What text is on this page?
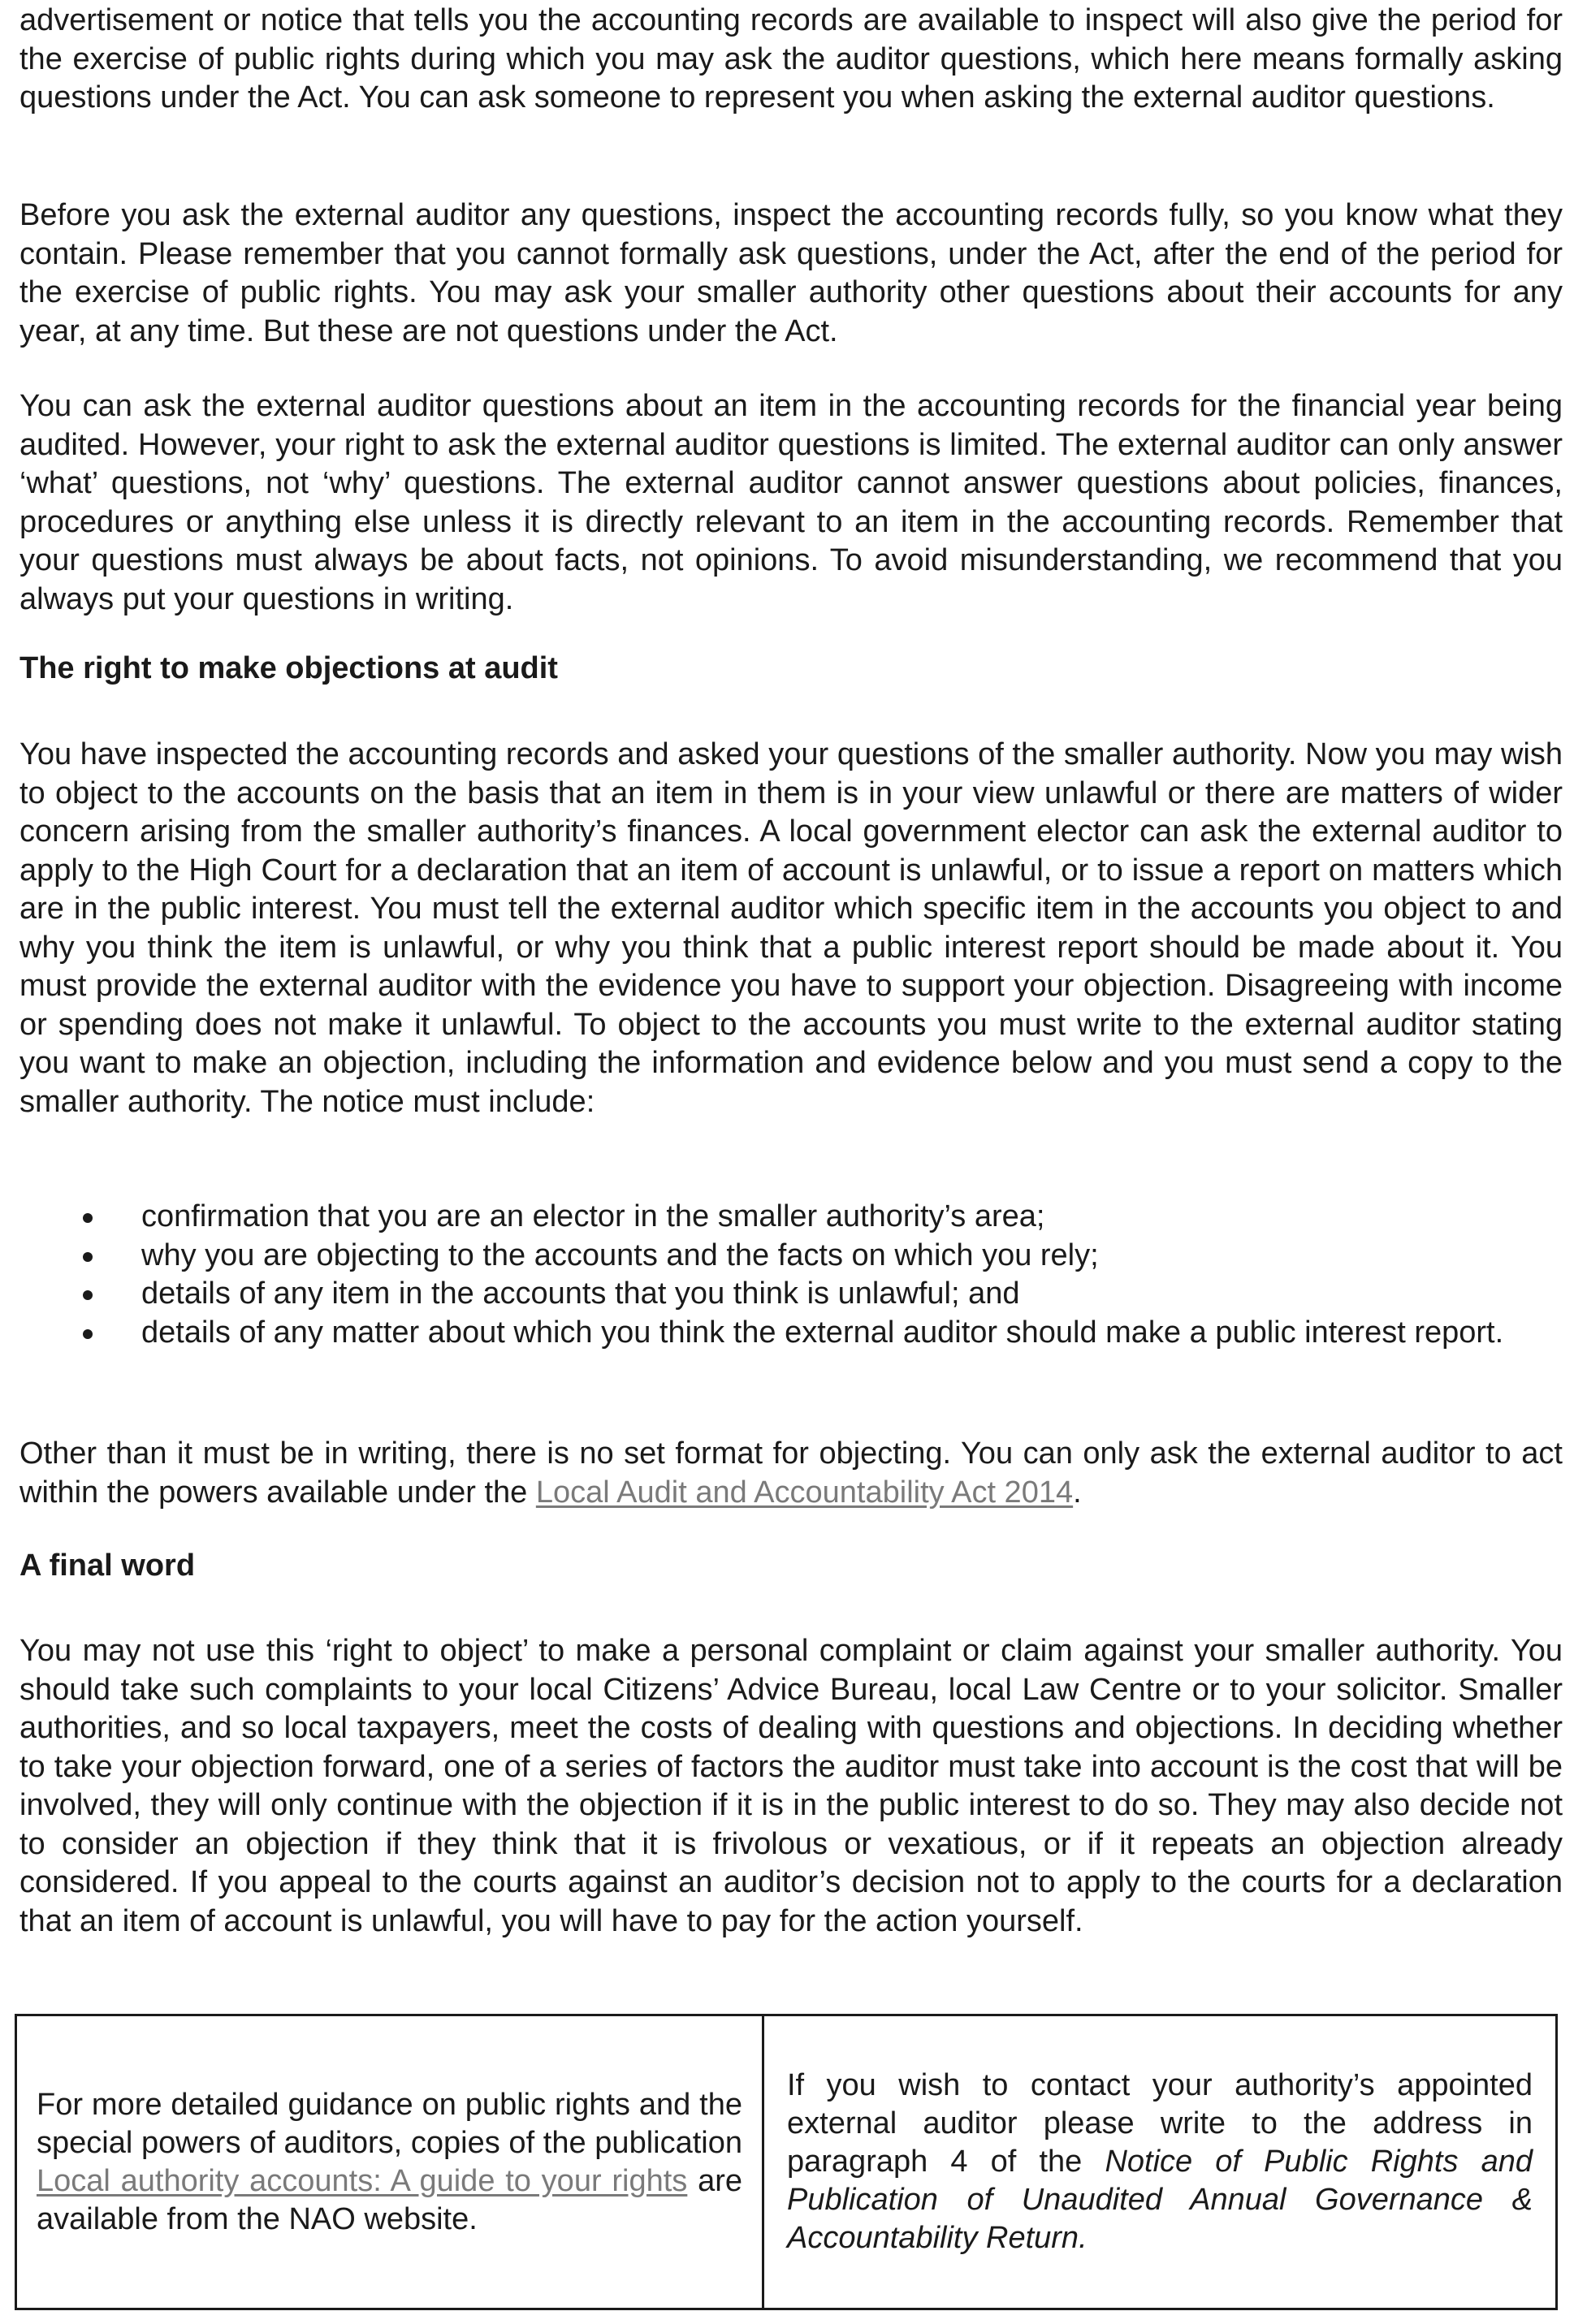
advertisement or notice that tells you the accounting records are available to inspect will also give the period for the exercise of public rights during which you may ask the auditor questions, which here means formally asking questions under the Act. You can ask someone to represent you when asking the external auditor questions.

Before you ask the external auditor any questions, inspect the accounting records fully, so you know what they contain. Please remember that you cannot formally ask questions, under the Act, after the end of the period for the exercise of public rights. You may ask your smaller authority other questions about their accounts for any year, at any time. But these are not questions under the Act.

You can ask the external auditor questions about an item in the accounting records for the financial year being audited. However, your right to ask the external auditor questions is limited. The external auditor can only answer ‘what’ questions, not ‘why’ questions. The external auditor cannot answer questions about policies, finances, procedures or anything else unless it is directly relevant to an item in the accounting records. Remember that your questions must always be about facts, not opinions. To avoid misunderstanding, we recommend that you always put your questions in writing.

The right to make objections at audit

You have inspected the accounting records and asked your questions of the smaller authority. Now you may wish to object to the accounts on the basis that an item in them is in your view unlawful or there are matters of wider concern arising from the smaller authority’s finances. A local government elector can ask the external auditor to apply to the High Court for a declaration that an item of account is unlawful, or to issue a report on matters which are in the public interest. You must tell the external auditor which specific item in the accounts you object to and why you think the item is unlawful, or why you think that a public interest report should be made about it. You must provide the external auditor with the evidence you have to support your objection. Disagreeing with income or spending does not make it unlawful. To object to the accounts you must write to the external auditor stating you want to make an objection, including the information and evidence below and you must send a copy to the smaller authority. The notice must include:

confirmation that you are an elector in the smaller authority’s area;
why you are objecting to the accounts and the facts on which you rely;
details of any item in the accounts that you think is unlawful; and
details of any matter about which you think the external auditor should make a public interest report.

Other than it must be in writing, there is no set format for objecting. You can only ask the external auditor to act within the powers available under the Local Audit and Accountability Act 2014.

A final word

You may not use this ‘right to object’ to make a personal complaint or claim against your smaller authority. You should take such complaints to your local Citizens’ Advice Bureau, local Law Centre or to your solicitor. Smaller authorities, and so local taxpayers, meet the costs of dealing with questions and objections. In deciding whether to take your objection forward, one of a series of factors the auditor must take into account is the cost that will be involved, they will only continue with the objection if it is in the public interest to do so. They may also decide not to consider an objection if they think that it is frivolous or vexatious, or if it repeats an objection already considered. If you appeal to the courts against an auditor’s decision not to apply to the courts for a declaration that an item of account is unlawful, you will have to pay for the action yourself.

For more detailed guidance on public rights and the special powers of auditors, copies of the publication Local authority accounts: A guide to your rights are available from the NAO website.

If you wish to contact your authority’s appointed external auditor please write to the address in paragraph 4 of the Notice of Public Rights and Publication of Unaudited Annual Governance & Accountability Return.
